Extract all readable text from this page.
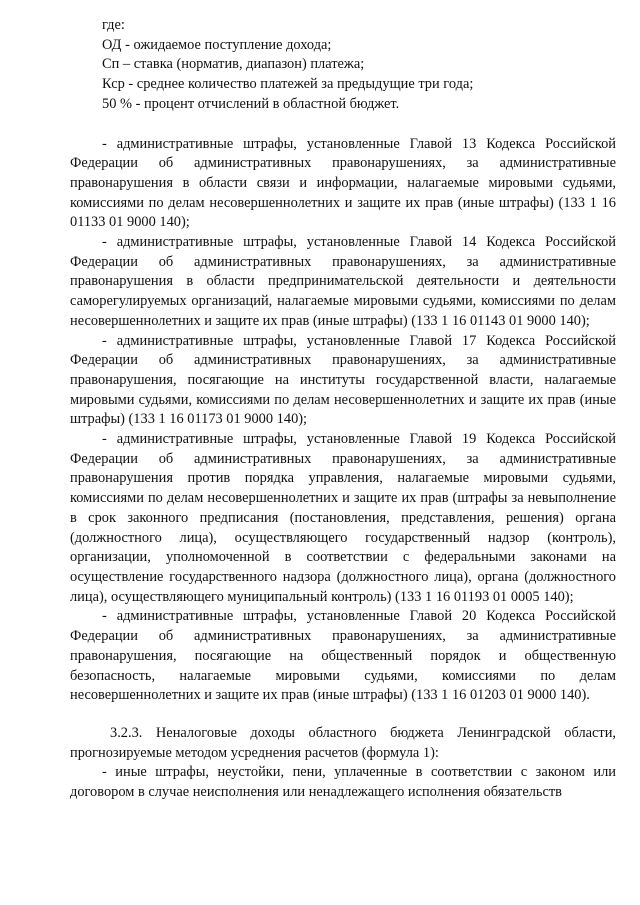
где:

ОД - ожидаемое поступление дохода;

Сп – ставка (норматив, диапазон) платежа;

Кср - среднее количество платежей за предыдущие три года;

50 % - процент отчислений в областной бюджет.

- административные штрафы, установленные Главой 13 Кодекса Российской Федерации об административных правонарушениях, за административные правонарушения в области связи и информации, налагаемые мировыми судьями, комиссиями по делам несовершеннолетних и защите их прав (иные штрафы) (133 1 16 01133 01 9000 140);

- административные штрафы, установленные Главой 14 Кодекса Российской Федерации об административных правонарушениях, за административные правонарушения в области предпринимательской деятельности и деятельности саморегулируемых организаций, налагаемые мировыми судьями, комиссиями по делам несовершеннолетних и защите их прав (иные штрафы) (133 1 16 01143 01 9000 140);

- административные штрафы, установленные Главой 17 Кодекса Российской Федерации об административных правонарушениях, за административные правонарушения, посягающие на институты государственной власти, налагаемые мировыми судьями, комиссиями по делам несовершеннолетних и защите их прав (иные штрафы) (133 1 16 01173 01 9000 140);

- административные штрафы, установленные Главой 19 Кодекса Российской Федерации об административных правонарушениях, за административные правонарушения против порядка управления, налагаемые мировыми судьями, комиссиями по делам несовершеннолетних и защите их прав (штрафы за невыполнение в срок законного предписания (постановления, представления, решения) органа (должностного лица), осуществляющего государственный надзор (контроль), организации, уполномоченной в соответствии с федеральными законами на осуществление государственного надзора (должностного лица), органа (должностного лица), осуществляющего муниципальный контроль) (133 1 16 01193 01 0005 140);

- административные штрафы, установленные Главой 20 Кодекса Российской Федерации об административных правонарушениях, за административные правонарушения, посягающие на общественный порядок и общественную безопасность, налагаемые мировыми судьями, комиссиями по делам несовершеннолетних и защите их прав (иные штрафы) (133 1 16 01203 01 9000 140).

3.2.3. Неналоговые доходы областного бюджета Ленинградской области, прогнозируемые методом усреднения расчетов (формула 1):

- иные штрафы, неустойки, пени, уплаченные в соответствии с законом или договором в случае неисполнения или ненадлежащего исполнения обязательств
